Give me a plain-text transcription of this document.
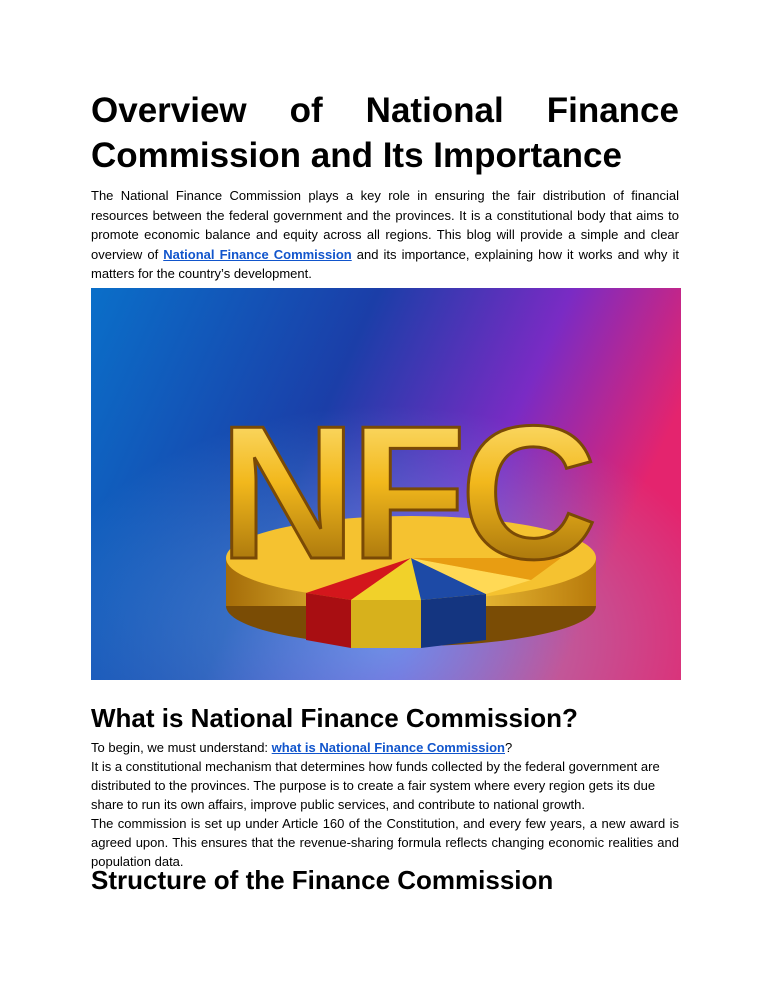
Overview of National Finance
Commission and Its Importance

The National Finance Commission plays a key role in ensuring the fair distribution of financial resources between the federal government and the provinces. It is a constitutional body that aims to promote economic balance and equity across all regions. This blog will provide a simple and clear overview of National Finance Commission and its importance, explaining how it works and why it matters for the country’s development.

NFC
What is National Finance Commission?

To begin, we must understand: what is National Finance Commission?

It is a constitutional mechanism that determines how funds collected by the federal government are distributed to the provinces. The purpose is to create a fair system where every region gets its due share to run its own affairs, improve public services, and contribute to national growth.

The commission is set up under Article 160 of the Constitution, and every few years, a new award is agreed upon. This ensures that the revenue-sharing formula reflects changing economic realities and population data.

Structure of the Finance Commission
